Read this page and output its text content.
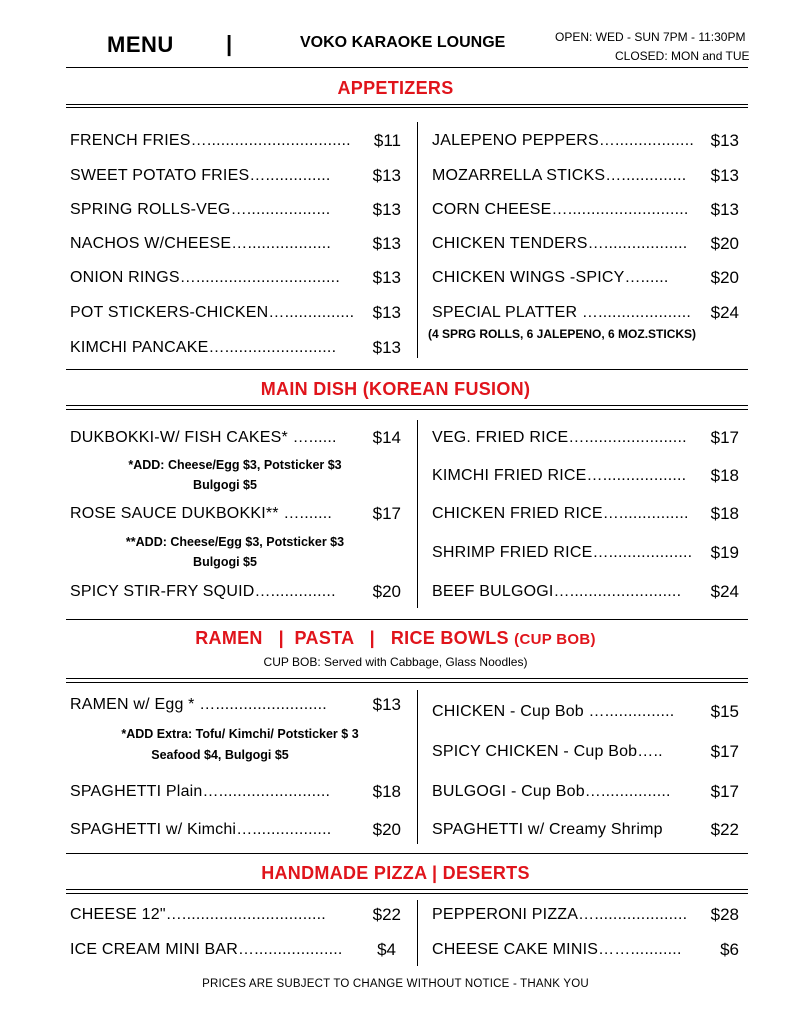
MENU |	VOKO KARAOKE LOUNGE	OPEN: WED - SUN 7PM - 11:30PM
CLOSED: MON and TUE
APPETIZERS
FRENCH FRIES…...............................	$11
SWEET POTATO FRIES…..............	$13
SPRING ROLLS-VEG…..................	$13
NACHOS W/CHEESE…..................	$13
ONION RINGS…...............................	$13
POT STICKERS-CHICKEN…...............	$13
KIMCHI PANCAKE…........................	$13
JALEPENO PEPPERS…................. $13
MOZARRELLA STICKS…..............	$13
CORN CHEESE…..........................	$13
CHICKEN TENDERS…..................	$20
CHICKEN WINGS -SPICY…......	$20
SPECIAL PLATTER …....................	$24
(4 SPRG ROLLS, 6 JALEPENO, 6 MOZ.STICKS)
MAIN DISH (KOREAN FUSION)
DUKBOKKI-W/ FISH CAKES* …......	$14
*ADD: Cheese/Egg $3, Potsticker $3
Bulgogi $5
ROSE SAUCE DUKBOKKI** ….......	$17
**ADD: Cheese/Egg $3, Potsticker $3
Bulgogi $5
SPICY STIR-FRY SQUID…..............	$20
VEG. FRIED RICE…......................	$17
KIMCHI FRIED RICE…..................	$18
CHICKEN FRIED RICE…...............	$18
SHRIMP FRIED RICE…..................	$19
BEEF BULGOGI…........................	$24
RAMEN   |  PASTA   |   RICE BOWLS (CUP BOB)
CUP BOB: Served with Cabbage, Glass Noodles)
RAMEN w/ Egg * …........................	$13
*ADD Extra: Tofu/ Kimchi/ Potsticker $ 3
Seafood $4, Bulgogi $5
SPAGHETTI Plain…........................	$18
SPAGHETTI w/ Kimchi….................	$20
CHICKEN - Cup Bob …...............	$15
SPICY CHICKEN - Cup Bob…..	$17
BULGOGI - Cup Bob…...............	$17
SPAGHETTI w/ Creamy Shrimp	$22
HANDMADE PIZZA | DESERTS
CHEESE 12"…...............................	$22
ICE CREAM MINI BAR…...................	$4
PEPPERONI PIZZA…....................	$28
CHEESE CAKE MINIS……...........	$6
PRICES ARE SUBJECT TO CHANGE WITHOUT NOTICE - THANK YOU
